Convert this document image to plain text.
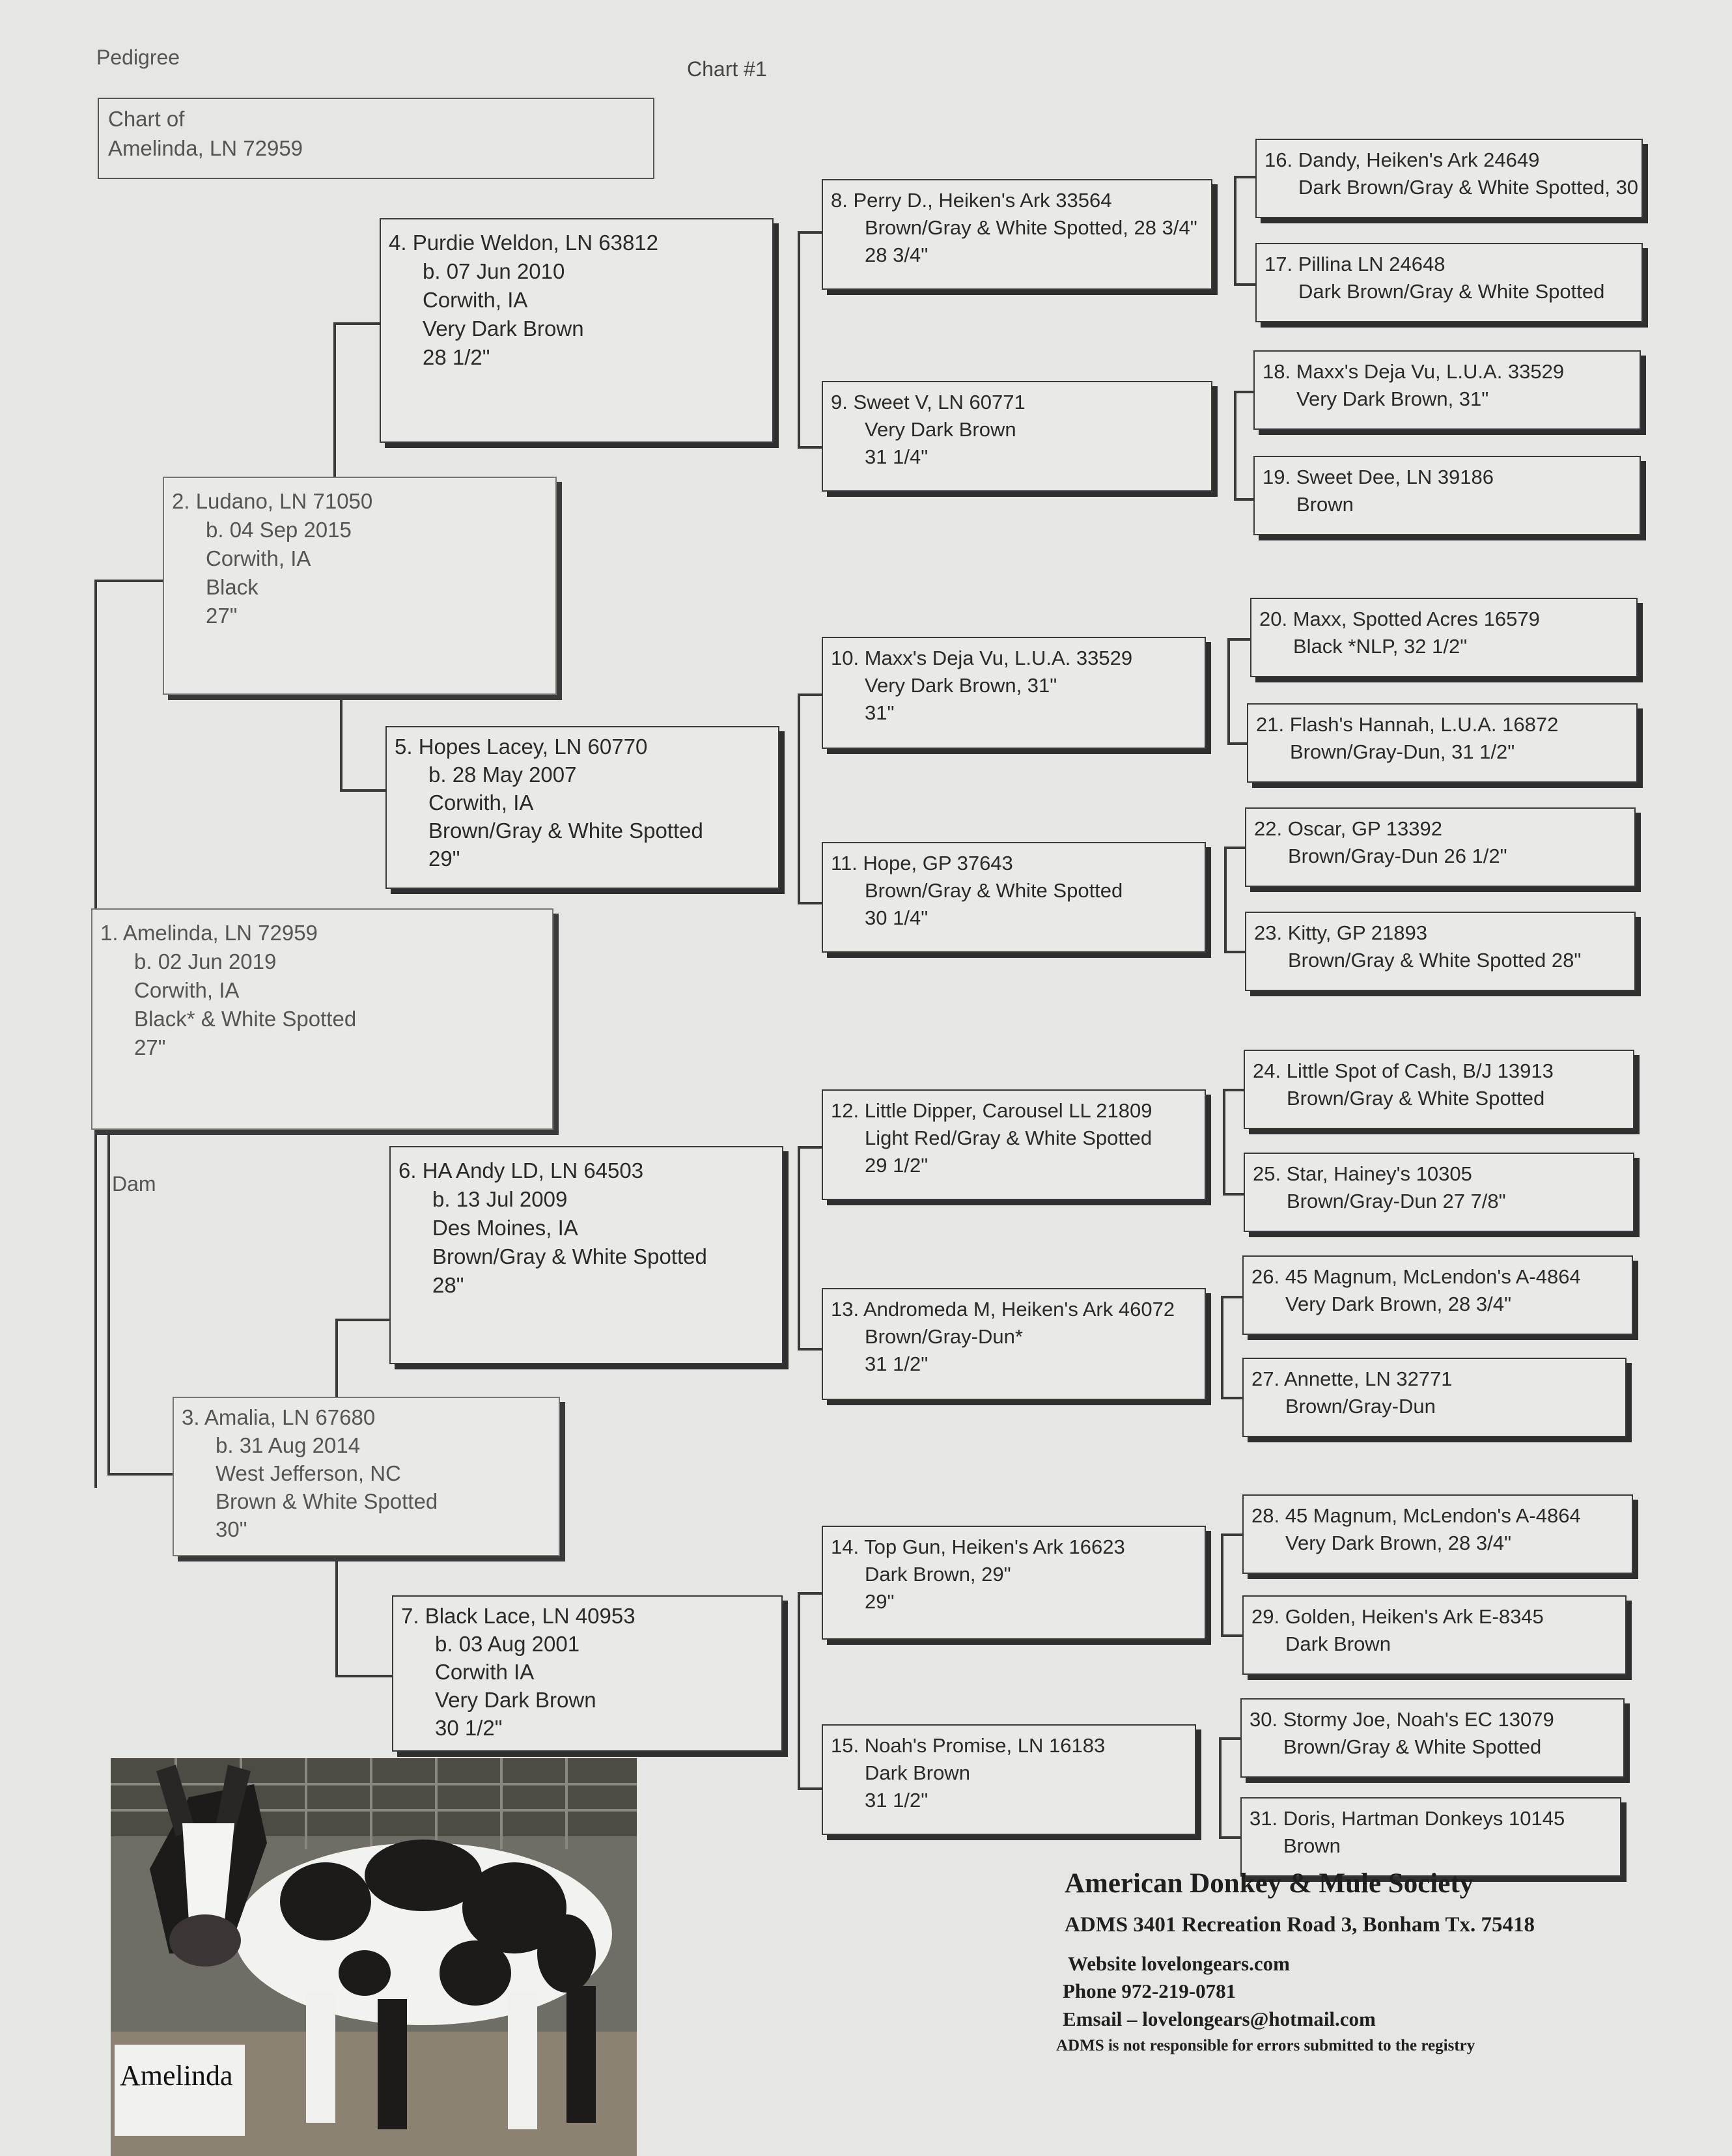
Pedigree	Chart #1
Chart of
Amelinda, LN 72959
1. Amelinda, LN 72959
b. 02 Jun 2019
Corwith, IA
Black* & White Spotted
27"
Dam
2. Ludano, LN 71050
b. 04 Sep 2015
Corwith, IA
Black
27"
3. Amalia, LN 67680
b. 31 Aug 2014
West Jefferson, NC
Brown & White Spotted
30"
4. Purdie Weldon, LN 63812
b. 07 Jun 2010
Corwith, IA
Very Dark Brown
28 1/2"
5. Hopes Lacey, LN 60770
b. 28 May 2007
Corwith, IA
Brown/Gray & White Spotted
29"
6. HA Andy LD, LN 64503
b. 13 Jul 2009
Des Moines, IA
Brown/Gray & White Spotted
28"
7. Black Lace, LN 40953
b. 03 Aug 2001
Corwith IA
Very Dark Brown
30 1/2"
8. Perry D., Heiken's Ark 33564
Brown/Gray & White Spotted, 28 3/4"
28 3/4"
9. Sweet V, LN 60771
Very Dark Brown
31 1/4"
10. Maxx's Deja Vu, L.U.A. 33529
Very Dark Brown, 31"
31"
11. Hope, GP 37643
Brown/Gray & White Spotted
30 1/4"
12. Little Dipper, Carousel LL 21809
Light Red/Gray & White Spotted
29 1/2"
13. Andromeda M, Heiken's Ark 46072
Brown/Gray-Dun*
31 1/2"
14. Top Gun, Heiken's Ark 16623
Dark Brown, 29"
29"
15. Noah's Promise, LN 16183
Dark Brown
31 1/2"
16. Dandy, Heiken's Ark 24649
Dark Brown/Gray & White Spotted, 30
17. Pillina LN 24648
Dark Brown/Gray & White Spotted
18. Maxx's Deja Vu, L.U.A. 33529
Very Dark Brown, 31"
19. Sweet Dee, LN 39186
Brown
20. Maxx, Spotted Acres 16579
Black *NLP, 32 1/2"
21. Flash's Hannah, L.U.A. 16872
Brown/Gray-Dun, 31 1/2"
22. Oscar, GP 13392
Brown/Gray-Dun 26 1/2"
23. Kitty, GP 21893
Brown/Gray & White Spotted 28"
24. Little Spot of Cash, B/J 13913
Brown/Gray & White Spotted
25. Star, Hainey's 10305
Brown/Gray-Dun 27 7/8"
26. 45 Magnum, McLendon's A-4864
Very Dark Brown, 28 3/4"
27. Annette, LN 32771
Brown/Gray-Dun
28. 45 Magnum, McLendon's A-4864
Very Dark Brown, 28 3/4"
29. Golden, Heiken's Ark E-8345
Dark Brown
30. Stormy Joe, Noah's EC 13079
Brown/Gray & White Spotted
31. Doris, Hartman Donkeys 10145
Brown
American Donkey & Mule Society
ADMS 3401 Recreation Road 3, Bonham Tx. 75418
Website lovelongears.com
Phone 972-219-0781
Emsail – lovelongears@hotmail.com
ADMS is not responsible for errors submitted to the registry
Amelinda
